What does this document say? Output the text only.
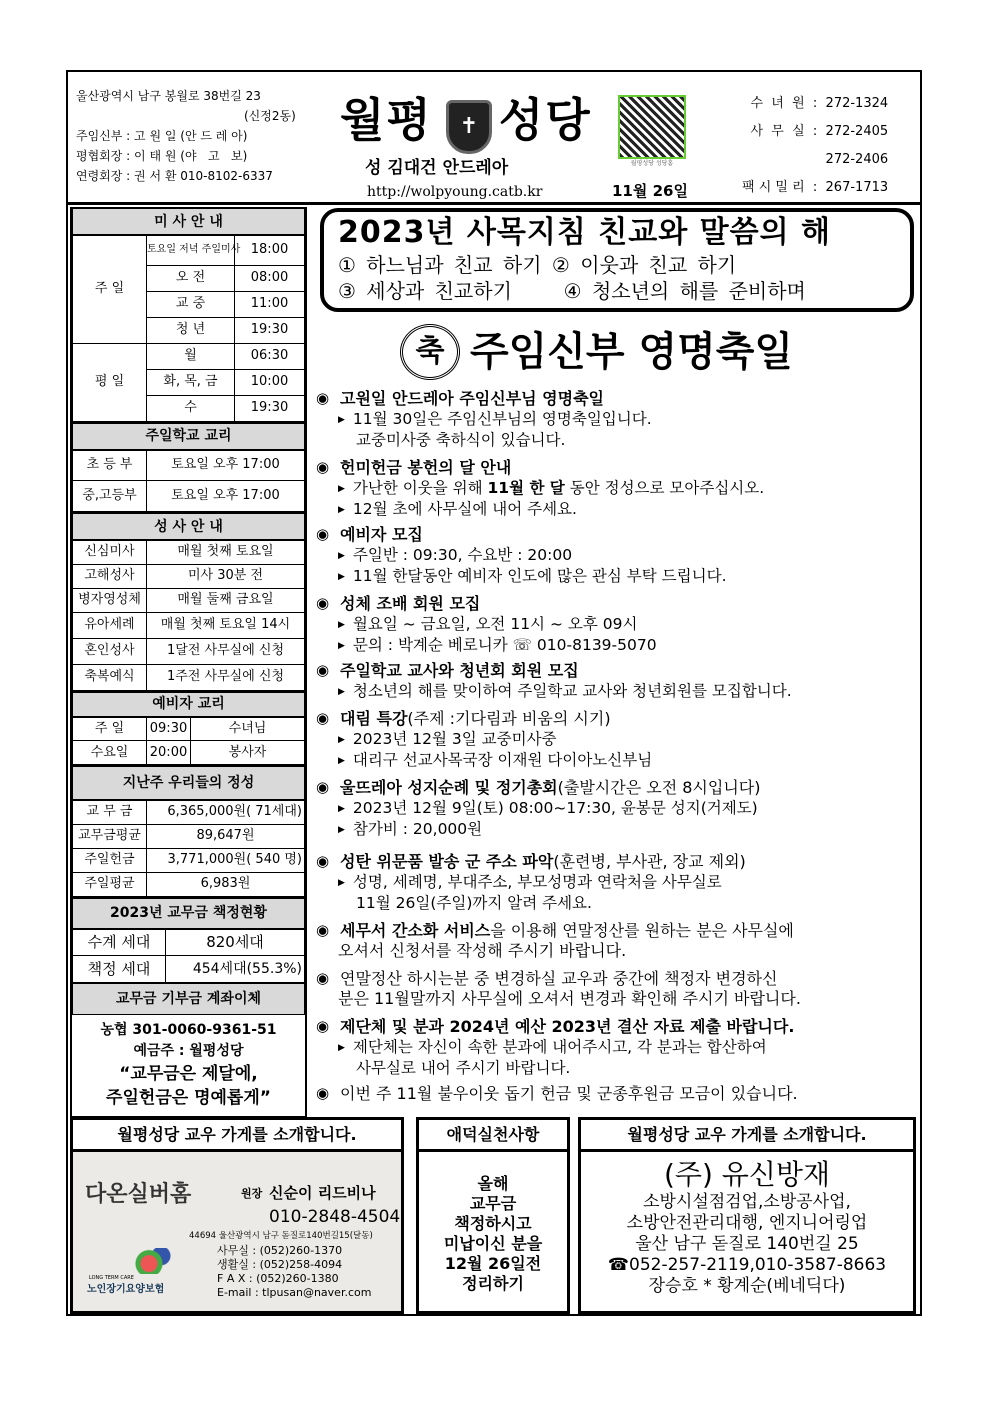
울산광역시 남구 봉월로 38번길 23
(신정2동)
주임신부 : 고 원 일 (안 드 레 아)
평협회장 : 이 태 원 (야   고   보)
연령회장 : 권 서 환 010-8102-6337
월평 성당
✝
성 김대건 안드레아
http://wolpyoung.catb.kr
월평성당 성당홈
11월 26일
수  녀  원  :  272-1324
사  무  실  :  272-2405
272-2406
팩 시 밀 리  :  267-1713
미 사 안 내		
주 일	토요일 저녁 주일미사	18:00
	오 전	08:00
	교 중	11:00
	청 년	19:30
평 일	월	06:30
	화, 목, 금	10:00
	수	19:30
주일학교 교리	
초 등 부	토요일 오후 17:00
중,고등부	토요일 오후 17:00
성 사 안 내	
신심미사	매월 첫째 토요일
고해성사	미사 30분 전
병자영성체	매월 둘째 금요일
유아세례	매월 첫째 토요일 14시
혼인성사	1달전 사무실에 신청
축복예식	1주전 사무실에 신청
예비자 교리		
주 일	09:30	수녀님
수요일	20:00	봉사자
지난주 우리들의 정성	
교 무 금	6,365,000원( 71세대)
교무금평균	89,647원
주일헌금	3,771,000원( 540 명)
주일평균	6,983원
2023년 교무금 책정현황	
수계 세대	820세대
책정 세대	454세대(55.3%)
교무금 기부금 계좌이체	
농협 301-0060-9361-51
예금주 : 월평성당
“교무금은 제달에,
주일헌금은 명예롭게”
2023년 사목지침 친교와 말씀의 해
① 하느님과 친교 하기 ② 이웃과 친교 하기
③ 세상과 친교하기     ④ 청소년의 해를 준비하며
축 주임신부 영명축일
◉ 고원일 안드레아 주임신부님 영명축일
▶ 11월 30일은 주임신부님의 영명축일입니다.
교중미사중 축하식이 있습니다.
◉ 헌미헌금 봉헌의 달 안내
▶ 가난한 이웃을 위해 11월 한 달 동안 정성으로 모아주십시오.
▶ 12월 초에 사무실에 내어 주세요.
◉ 예비자 모집
▶ 주일반 : 09:30, 수요반 : 20:00
▶ 11월 한달동안 예비자 인도에 많은 관심 부탁 드립니다.
◉ 성체 조배 회원 모집
▶ 월요일 ~ 금요일, 오전 11시 ~ 오후 09시
▶ 문의 : 박계순 베로니카 ☏ 010-8139-5070
◉ 주일학교 교사와 청년회 회원 모집
▶ 청소년의 해를 맞이하여 주일학교 교사와 청년회원를 모집합니다.
◉ 대림 특강(주제 :기다림과 비움의 시기)
▶ 2023년 12월 3일 교중미사중
▶ 대리구 선교사목국장 이재원 다이아노신부님
◉ 울뜨레아 성지순례 및 정기총회(출발시간은 오전 8시입니다)
▶ 2023년 12월 9일(토) 08:00~17:30, 윤봉문 성지(거제도)
▶ 참가비 : 20,000원
◉ 성탄 위문품 발송 군 주소 파악(훈련병, 부사관, 장교 제외)
▶ 성명, 세례명, 부대주소, 부모성명과 연락처을 사무실로
11월 26일(주일)까지 알려 주세요.
◉ 세무서 간소화 서비스을 이용해 연말정산를 원하는 분은 사무실에
오셔서 신청서를 작성해 주시기 바랍니다.
◉ 연말정산 하시는분 중 변경하실 교우과 중간에 책정자 변경하신
분은 11월말까지 사무실에 오셔서 변경과 확인해 주시기 바랍니다.
◉ 제단체 및 분과 2024년 예산 2023년 결산 자료 제출 바랍니다.
▶ 제단체는 자신이 속한 분과에 내어주시고, 각 분과는 합산하여
사무실로 내어 주시기 바랍니다.
◉ 이번 주 11월 불우이웃 돕기 헌금 및 군종후원금 모금이 있습니다.
월평성당 교우 가게를 소개합니다.
다온실버홈	원장 신순이 리드비나
010-2848-4504
44694 울산광역시 남구 돋질로140번길15(달동)
사무실 : (052)260-1370
생활실 : (052)258-4094
F A X : (052)260-1380
E-mail : tlpusan@naver.com
LONG TERM CARE
노인장기요양보험
애덕실천사항
올해
교무금
책정하시고
미납이신 분을
12월 26일전
정리하기
월평성당 교우 가게를 소개합니다.
(주) 유신방재
소방시설점검업,소방공사업,
소방안전관리대행, 엔지니어링업
울산 남구 돋질로 140번길 25
☎052-257-2119,010-3587-8663
장승호 * 황계순(베네딕다)
